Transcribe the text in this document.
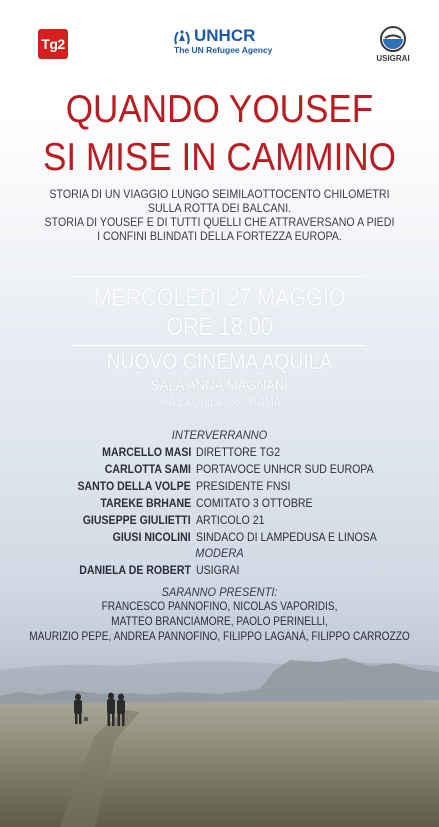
Tg2	UNHCR
The UN Refugee Agency
USIGRAI
QUANDO YOUSEF
SI MISE IN CAMMINO
STORIA DI UN VIAGGIO LUNGO SEIMILAOTTOCENTO CHILOMETRI
SULLA ROTTA DEI BALCANI.
STORIA DI YOUSEF E DI TUTTI QUELLI CHE ATTRAVERSANO A PIEDI
I CONFINI BLINDATI DELLA FORTEZZA EUROPA.
MERCOLEDÌ 27 MAGGIO
ORE 18,00
NUOVO CINEMA AQUILA
SALA ANNA MAGNANI
VIA L’AQUILA, 66 - ROMA
INTERVERRANNO
MARCELLO MASI DIRETTORE TG2
CARLOTTA SAMI PORTAVOCE UNHCR SUD EUROPA
SANTO DELLA VOLPE PRESIDENTE FNSI
TAREKE BRHANE COMITATO 3 OTTOBRE
GIUSEPPE GIULIETTI ARTICOLO 21
GIUSI NICOLINI SINDACO DI LAMPEDUSA E LINOSA
MODERA
DANIELA DE ROBERT USIGRAI
SARANNO PRESENTI:
FRANCESCO PANNOFINO, NICOLAS VAPORIDIS,
MATTEO BRANCIAMORE, PAOLO PERINELLI,
MAURIZIO PEPE, ANDREA PANNOFINO, FILIPPO LAGANÀ, FILIPPO CARROZZO
